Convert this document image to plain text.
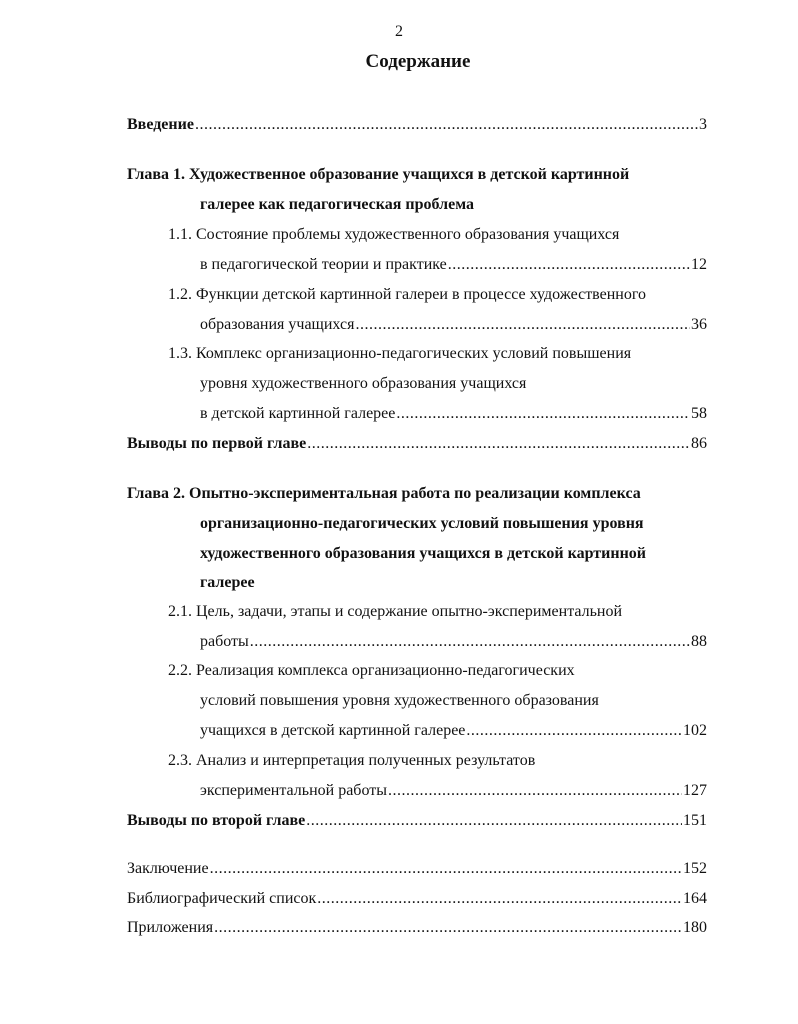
2
Содержание
Введение .....	3
Глава 1. Художественное образование учащихся в детской картинной
галерее как педагогическая проблема
1.1. Состояние проблемы художественного образования учащихся
в педагогической теории и практике .....	12
1.2. Функции детской картинной галереи в процессе художественного
образования учащихся .....	36
1.3. Комплекс организационно-педагогических условий повышения
уровня художественного образования учащихся
в детской картинной галерее .....	58
Выводы по первой главе .....	86
Глава 2. Опытно-экспериментальная работа по реализации комплекса
организационно-педагогических условий повышения уровня
художественного образования учащихся в детской картинной
галерее
2.1. Цель, задачи, этапы и содержание опытно-экспериментальной
работы .....	88
2.2. Реализация комплекса организационно-педагогических
условий повышения уровня художественного образования
учащихся в детской картинной галерее .....	102
2.3. Анализ и интерпретация полученных результатов
экспериментальной работы .....	127
Выводы по второй главе .....	151
Заключение .....	152
Библиографический список .....	164
Приложения .....	180
